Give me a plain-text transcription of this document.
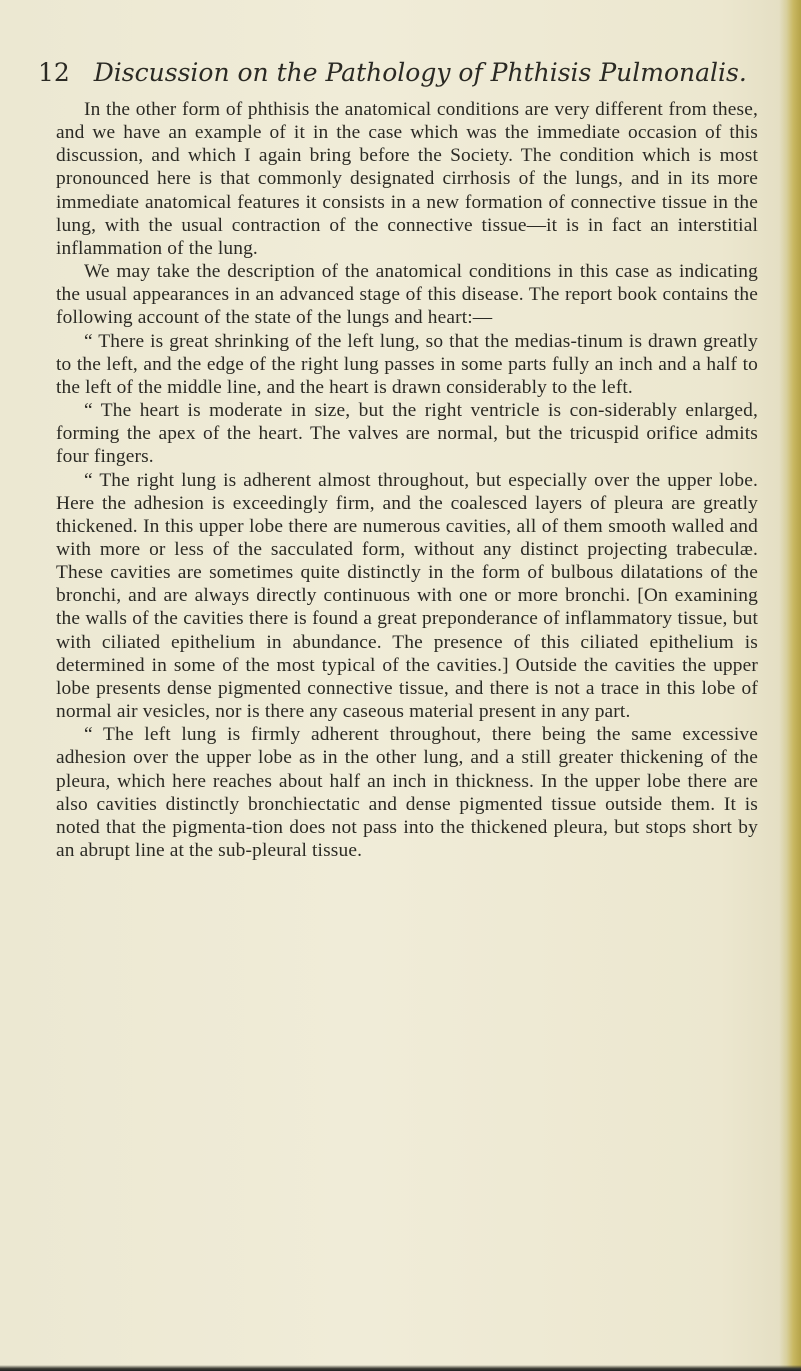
12 Discussion on the Pathology of Phthisis Pulmonalis.

In the other form of phthisis the anatomical conditions are very different from these, and we have an example of it in the case which was the immediate occasion of this discussion, and which I again bring before the Society. The condition which is most pronounced here is that commonly designated cirrhosis of the lungs, and in its more immediate anatomical features it consists in a new formation of connective tissue in the lung, with the usual contraction of the connective tissue—it is in fact an interstitial inflammation of the lung.

We may take the description of the anatomical conditions in this case as indicating the usual appearances in an advanced stage of this disease. The report book contains the following account of the state of the lungs and heart:—

“ There is great shrinking of the left lung, so that the medias-tinum is drawn greatly to the left, and the edge of the right lung passes in some parts fully an inch and a half to the left of the middle line, and the heart is drawn considerably to the left.

“ The heart is moderate in size, but the right ventricle is con-siderably enlarged, forming the apex of the heart. The valves are normal, but the tricuspid orifice admits four fingers.

“ The right lung is adherent almost throughout, but especially over the upper lobe. Here the adhesion is exceedingly firm, and the coalesced layers of pleura are greatly thickened. In this upper lobe there are numerous cavities, all of them smooth walled and with more or less of the sacculated form, without any distinct projecting trabeculæ. These cavities are sometimes quite distinctly in the form of bulbous dilatations of the bronchi, and are always directly continuous with one or more bronchi. [On examining the walls of the cavities there is found a great preponderance of inflammatory tissue, but with ciliated epithelium in abundance. The presence of this ciliated epithelium is determined in some of the most typical of the cavities.] Outside the cavities the upper lobe presents dense pigmented connective tissue, and there is not a trace in this lobe of normal air vesicles, nor is there any caseous material present in any part.

“ The left lung is firmly adherent throughout, there being the same excessive adhesion over the upper lobe as in the other lung, and a still greater thickening of the pleura, which here reaches about half an inch in thickness. In the upper lobe there are also cavities distinctly bronchiectatic and dense pigmented tissue outside them. It is noted that the pigmenta-tion does not pass into the thickened pleura, but stops short by an abrupt line at the sub-pleural tissue.
